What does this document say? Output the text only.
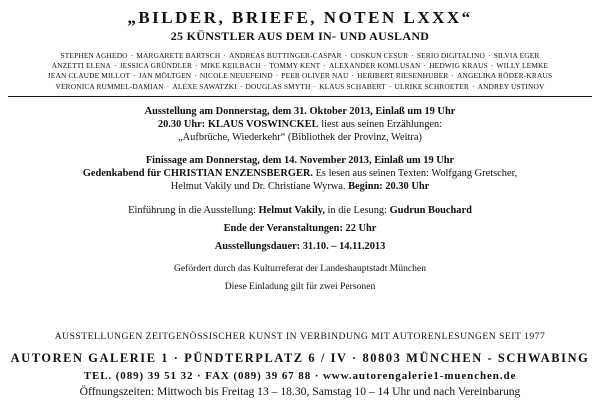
„BILDER, BRIEFE, NOTEN LXXX“
25 KÜNSTLER AUS DEM IN- UND AUSLAND
STEPHEN AGHEDO · MARGARETE BARTSCH · ANDREAS BUTTINGER-CASPAR · COSKUN CESUR · SERIO DIGITALINO · SILVIA EGER
ANZETTI ELENA · JESSICA GRÜNDLER · MIKE KEILBACH · TOMMY KENT · ALEXANDER KOMLUSAN · HEDWIG KRAUS · WILLY LEMKE
JEAN CLAUDE MILLOT · JAN MÖLTGEN · NICOLE NEUEFEIND · PEER OLIVER NAU · HERIBERT RIESENHUBER · ANGELIKA RÖDER-KRAUS
VERONICA RUMMEL-DAMIAN · ALEXE SAWATZKI · DOUGLAS SMYTH · KLAUS SCHABERT · ULRIKE SCHROETER · ANDREY USTINOV
Ausstellung am Donnerstag, dem 31. Oktober 2013, Einlaß um 19 Uhr
20.30 Uhr: KLAUS VOSWINCKEL liest aus seinen Erzählungen:
„Aufbrüche, Wiederkehr“ (Bibliothek der Provinz, Weitra)
Finissage am Donnerstag, dem 14. November 2013, Einlaß um 19 Uhr
Gedenkabend für CHRISTIAN ENZENSBERGER. Es lesen aus seinen Texten: Wolfgang Gretscher,
Helmut Vakily und Dr. Christiane Wyrwa. Beginn: 20.30 Uhr
Einführung in die Ausstellung: Helmut Vakily, in die Lesung: Gudrun Bouchard
Ende der Veranstaltungen: 22 Uhr
Ausstellungsdauer: 31.10. – 14.11.2013
Gefördert durch das Kulturreferat der Landeshauptstadt München
Diese Einladung gilt für zwei Personen
AUSSTELLUNGEN ZEITGENÖSSISCHER KUNST IN VERBINDUNG MIT AUTORENLESUNGEN SEIT 1977
AUTOREN GALERIE 1 · PÜNDTERPLATZ 6 / IV · 80803 MÜNCHEN - SCHWABING
TEL. (089) 39 51 32 · FAX (089) 39 67 88 · www.autorengalerie1-muenchen.de
Öffnungszeiten: Mittwoch bis Freitag 13 – 18.30, Samstag 10 – 14 Uhr und nach Vereinbarung
